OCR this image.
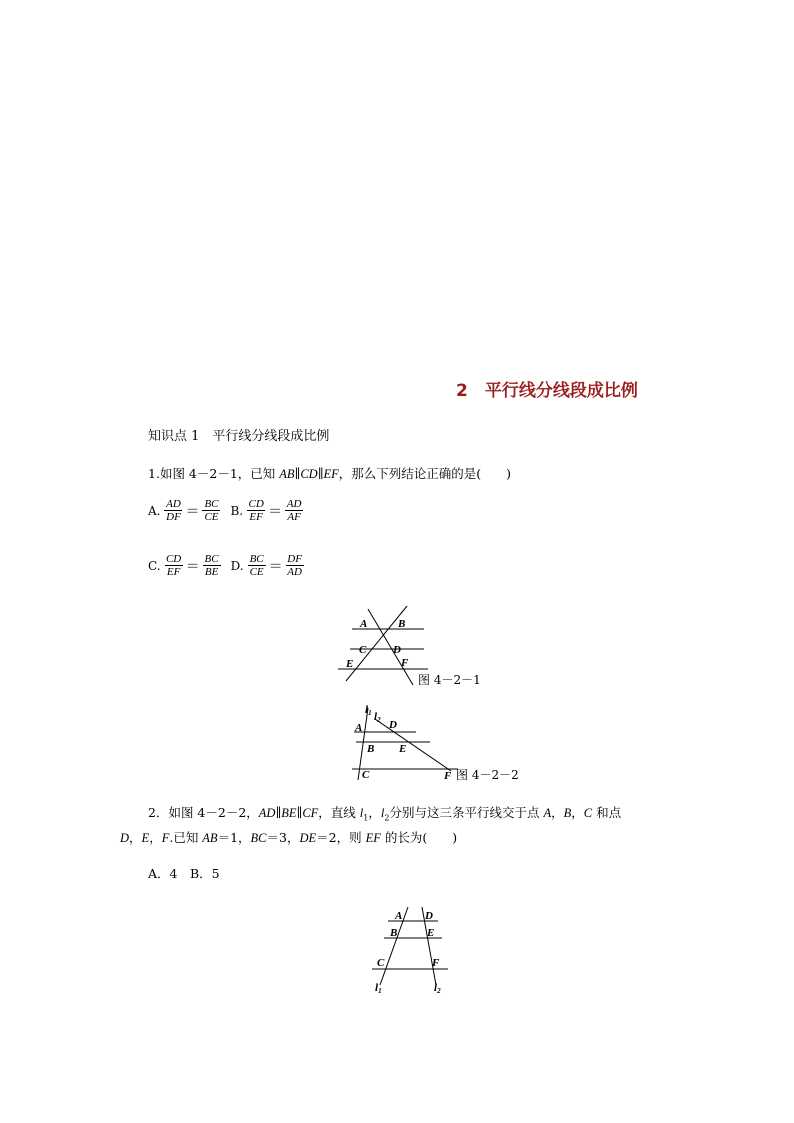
2　平行线分线段成比例
知识点 1　平行线分线段成比例
1.如图 4－2－1，已知 AB∥CD∥EF，那么下列结论正确的是(　　)
A. $\frac{AD}{DF} = \frac{BC}{CE} B$. $\frac{CD}{EF} = \frac{AD}{AF}$
C. $\frac{CD}{EF} = \frac{BC}{BE} D$. $\frac{BC}{CE} = \frac{DF}{AD}$
A	B
C D
E	F
图 4－2－1
l1 l2
A D
B E
C	F 图 4－2－2
2．如图 4－2－2，AD∥BE∥CF，直线 $l_1$，$l_2$分别与这三条平行线交于点 A，B，C 和点
D，E，F.已知 AB＝1，BC＝3，DE＝2，则 EF 的长为(　　)
A．4　B．5
A D
B	E
C	F
l1	l2
